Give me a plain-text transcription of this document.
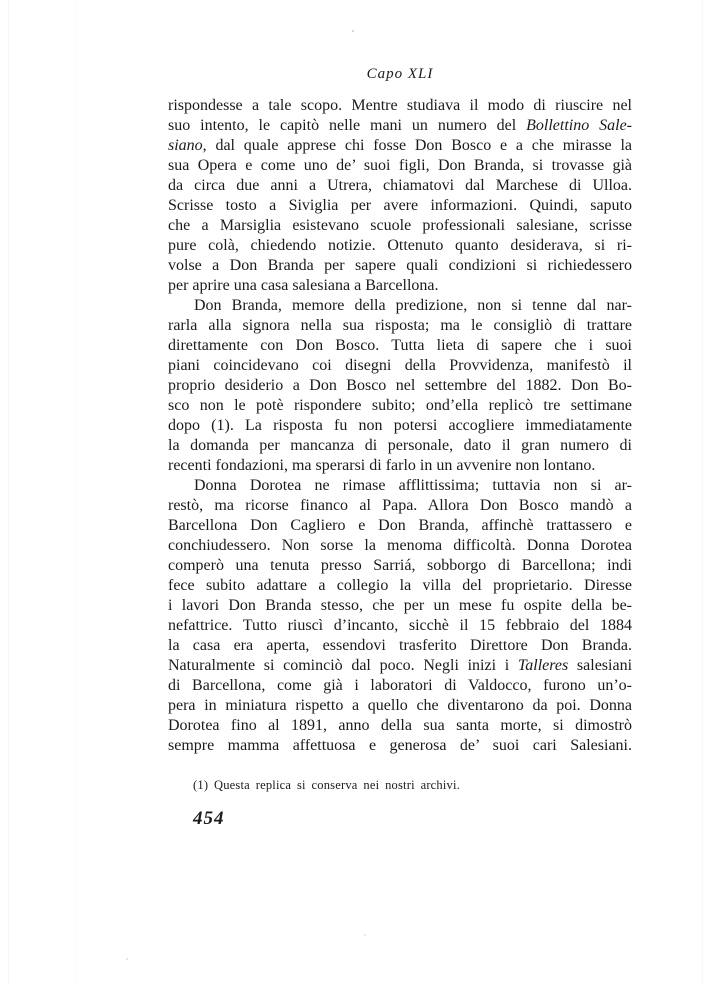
Capo XLI
rispondesse a tale scopo. Mentre studiava il modo di riuscire nel
suo intento, le capitò nelle mani un numero del Bollettino Sale-
siano, dal quale apprese chi fosse Don Bosco e a che mirasse la
sua Opera e come uno de’ suoi figli, Don Branda, si trovasse già
da circa due anni a Utrera, chiamatovi dal Marchese di Ulloa.
Scrisse tosto a Siviglia per avere informazioni. Quindi, saputo
che a Marsiglia esistevano scuole professionali salesiane, scrisse
pure colà, chiedendo notizie. Ottenuto quanto desiderava, si ri-
volse a Don Branda per sapere quali condizioni si richiedessero
per aprire una casa salesiana a Barcellona.
Don Branda, memore della predizione, non si tenne dal nar-
rarla alla signora nella sua risposta; ma le consigliò di trattare
direttamente con Don Bosco. Tutta lieta di sapere che i suoi
piani coincidevano coi disegni della Provvidenza, manifestò il
proprio desiderio a Don Bosco nel settembre del 1882. Don Bo-
sco non le potè rispondere subito; ond’ella replicò tre settimane
dopo (1). La risposta fu non potersi accogliere immediatamente
la domanda per mancanza di personale, dato il gran numero di
recenti fondazioni, ma sperarsi di farlo in un avvenire non lontano.
Donna Dorotea ne rimase afflittissima; tuttavia non si ar-
restò, ma ricorse financo al Papa. Allora Don Bosco mandò a
Barcellona Don Cagliero e Don Branda, affinchè trattassero e
conchiudessero. Non sorse la menoma difficoltà. Donna Dorotea
comperò una tenuta presso Sarriá, sobborgo di Barcellona; indi
fece subito adattare a collegio la villa del proprietario. Diresse
i lavori Don Branda stesso, che per un mese fu ospite della be-
nefattrice. Tutto riuscì d’incanto, sicchè il 15 febbraio del 1884
la casa era aperta, essendovi trasferito Direttore Don Branda.
Naturalmente si cominciò dal poco. Negli inizi i Talleres salesiani
di Barcellona, come già i laboratori di Valdocco, furono un’o-
pera in miniatura rispetto a quello che diventarono da poi. Donna
Dorotea fino al 1891, anno della sua santa morte, si dimostrò
sempre mamma affettuosa e generosa de’ suoi cari Salesiani.
(1) Questa replica si conserva nei nostri archivi.
454
